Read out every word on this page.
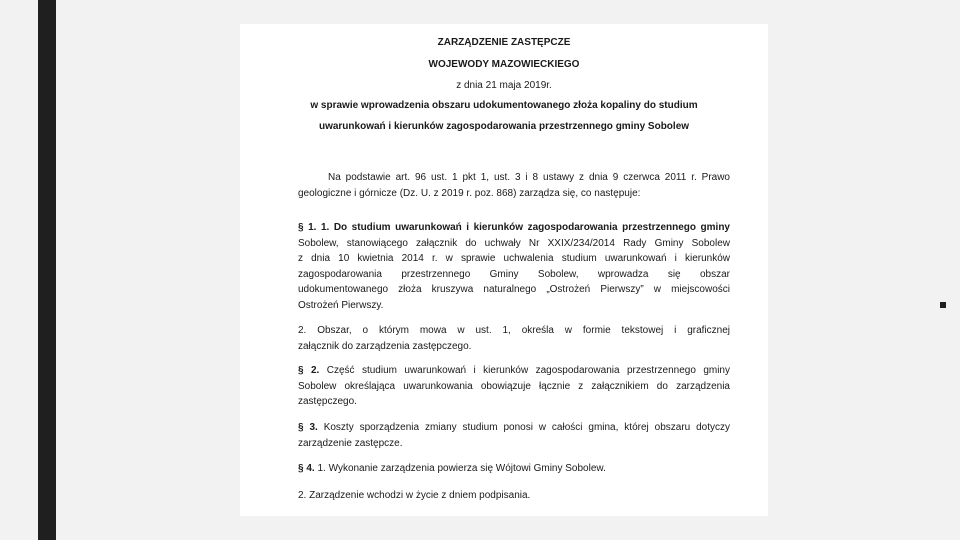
ZARZĄDZENIE ZASTĘPCZE
WOJEWODY MAZOWIECKIEGO
z dnia 21 maja 2019r.
w sprawie wprowadzenia obszaru udokumentowanego złoża kopaliny do studium
uwarunkowań i kierunków zagospodarowania przestrzennego gminy Sobolew
Na podstawie art. 96 ust. 1 pkt 1, ust. 3 i 8 ustawy z dnia 9 czerwca 2011 r. Prawo
geologiczne i górnicze (Dz. U. z 2019 r. poz. 868) zarządza się, co następuje:
§ 1. 1. Do studium uwarunkowań i kierunków zagospodarowania przestrzennego gminy
Sobolew, stanowiącego załącznik do uchwały Nr XXIX/234/2014 Rady Gminy Sobolew
z dnia 10 kwietnia 2014 r. w sprawie uchwalenia studium uwarunkowań i kierunków
zagospodarowania przestrzennego Gminy Sobolew, wprowadza się obszar
udokumentowanego złoża kruszywa naturalnego „Ostrożeń Pierwszy” w miejscowości
Ostrożeń Pierwszy.
2. Obszar, o którym mowa w ust. 1, określa w formie tekstowej i graficznej
załącznik do zarządzenia zastępczego.
§ 2. Część studium uwarunkowań i kierunków zagospodarowania przestrzennego gminy
Sobolew określająca uwarunkowania obowiązuje łącznie z załącznikiem do zarządzenia
zastępczego.
§ 3. Koszty sporządzenia zmiany studium ponosi w całości gmina, której obszaru dotyczy
zarządzenie zastępcze.
§ 4. 1. Wykonanie zarządzenia powierza się Wójtowi Gminy Sobolew.
2. Zarządzenie wchodzi w życie z dniem podpisania.
